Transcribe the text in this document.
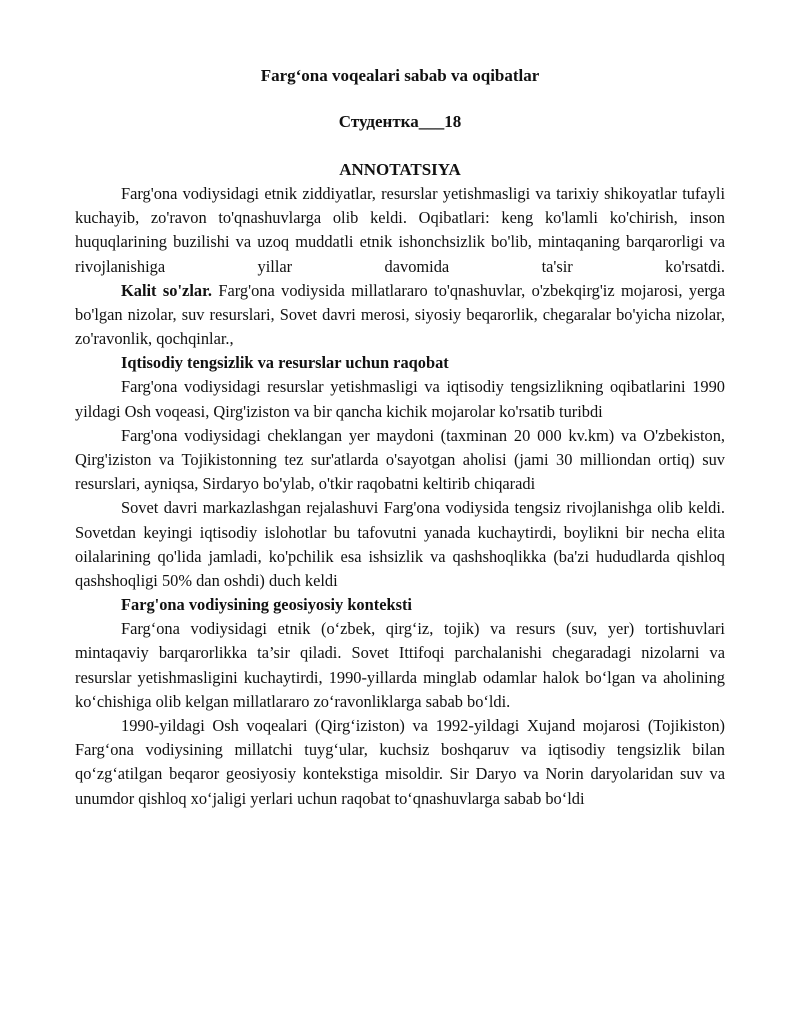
Farg‘ona voqealari sabab va oqibatlar
Студентка___18
ANNOTATSIYA

Farg'ona vodiysidagi etnik ziddiyatlar, resurslar yetishmasligi va tarixiy shikoyatlar tufayli kuchayib, zo'ravon to'qnashuvlarga olib keldi. Oqibatlari: keng ko'lamli ko'chirish, inson huquqlarining buzilishi va uzoq muddatli etnik ishonchsizlik bo'lib, mintaqaning barqarorligi va rivojlanishiga yillar davomida ta'sir ko'rsatdi.

Kalit so'zlar. Farg'ona vodiysida millatlararo to'qnashuvlar, o'zbekqirg'iz mojarosi, yerga bo'lgan nizolar, suv resurslari, Sovet davri merosi, siyosiy beqarorlik, chegaralar bo'yicha nizolar, zo'ravonlik, qochqinlar.,

Iqtisodiy tengsizlik va resurslar uchun raqobat

Farg'ona vodiysidagi resurslar yetishmasligi va iqtisodiy tengsizlikning oqibatlarini 1990 yildagi Osh voqeasi, Qirg'iziston va bir qancha kichik mojarolar ko'rsatib turibdi

Farg'ona vodiysidagi cheklangan yer maydoni (taxminan 20 000 kv.km) va O'zbekiston, Qirg'iziston va Tojikistonning tez sur'atlarda o'sayotgan aholisi (jami 30 milliondan ortiq) suv resurslari, ayniqsa, Sirdaryo bo'ylab, o'tkir raqobatni keltirib chiqaradi

Sovet davri markazlashgan rejalashuvi Farg'ona vodiysida tengsiz rivojlanishga olib keldi. Sovetdan keyingi iqtisodiy islohotlar bu tafovutni yanada kuchaytirdi, boylikni bir necha elita oilalarining qo'lida jamladi, ko'pchilik esa ishsizlik va qashshoqlikka (ba'zi hududlarda qishloq qashshoqligi 50% dan oshdi) duch keldi

Farg'ona vodiysining geosiyosiy konteksti

Farg‘ona vodiysidagi etnik (o‘zbek, qirg‘iz, tojik) va resurs (suv, yer) tortishuvlari mintaqaviy barqarorlikka ta’sir qiladi. Sovet Ittifoqi parchalanishi chegaradagi nizolarni va resurslar yetishmasligini kuchaytirdi, 1990-yillarda minglab odamlar halok bo‘lgan va aholining ko‘chishiga olib kelgan millatlararo zo‘ravonliklarga sabab bo‘ldi.

1990-yildagi Osh voqealari (Qirg‘iziston) va 1992-yildagi Xujand mojarosi (Tojikiston) Farg‘ona vodiysining millatchi tuyg‘ular, kuchsiz boshqaruv va iqtisodiy tengsizlik bilan qo‘zg‘atilgan beqaror geosiyosiy kontekstiga misoldir. Sir Daryo va Norin daryolaridan suv va unumdor qishloq xo‘jaligi yerlari uchun raqobat to‘qnashuvlarga sabab bo‘ldi
